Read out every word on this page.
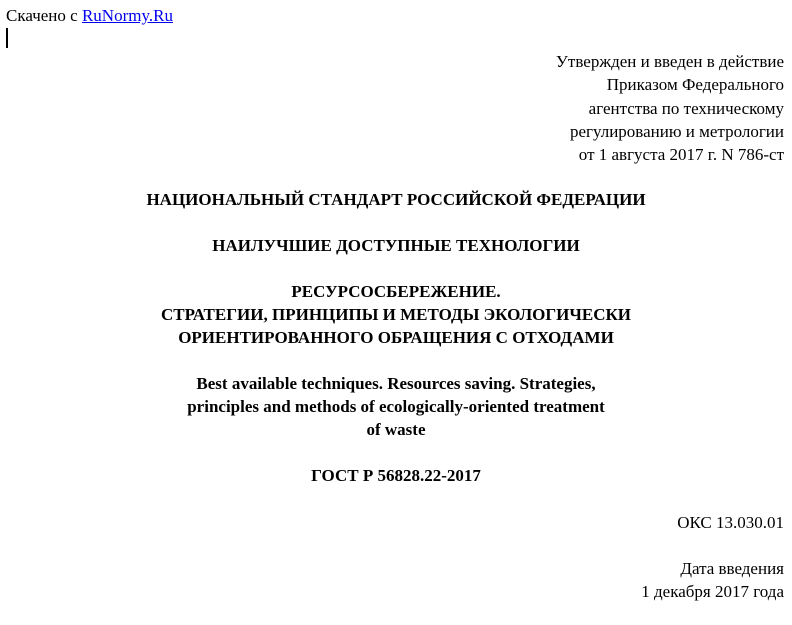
Скачено с RuNormy.Ru
Утвержден и введен в действие
Приказом Федерального
агентства по техническому
регулированию и метрологии
от 1 августа 2017 г. N 786-ст
НАЦИОНАЛЬНЫЙ СТАНДАРТ РОССИЙСКОЙ ФЕДЕРАЦИИ
НАИЛУЧШИЕ ДОСТУПНЫЕ ТЕХНОЛОГИИ
РЕСУРСОСБЕРЕЖЕНИЕ.
СТРАТЕГИИ, ПРИНЦИПЫ И МЕТОДЫ ЭКОЛОГИЧЕСКИ
ОРИЕНТИРОВАННОГО ОБРАЩЕНИЯ С ОТХОДАМИ
Best available techniques. Resources saving. Strategies,
principles and methods of ecologically-oriented treatment
of waste
ГОСТ Р 56828.22-2017
ОКС 13.030.01
Дата введения
1 декабря 2017 года
